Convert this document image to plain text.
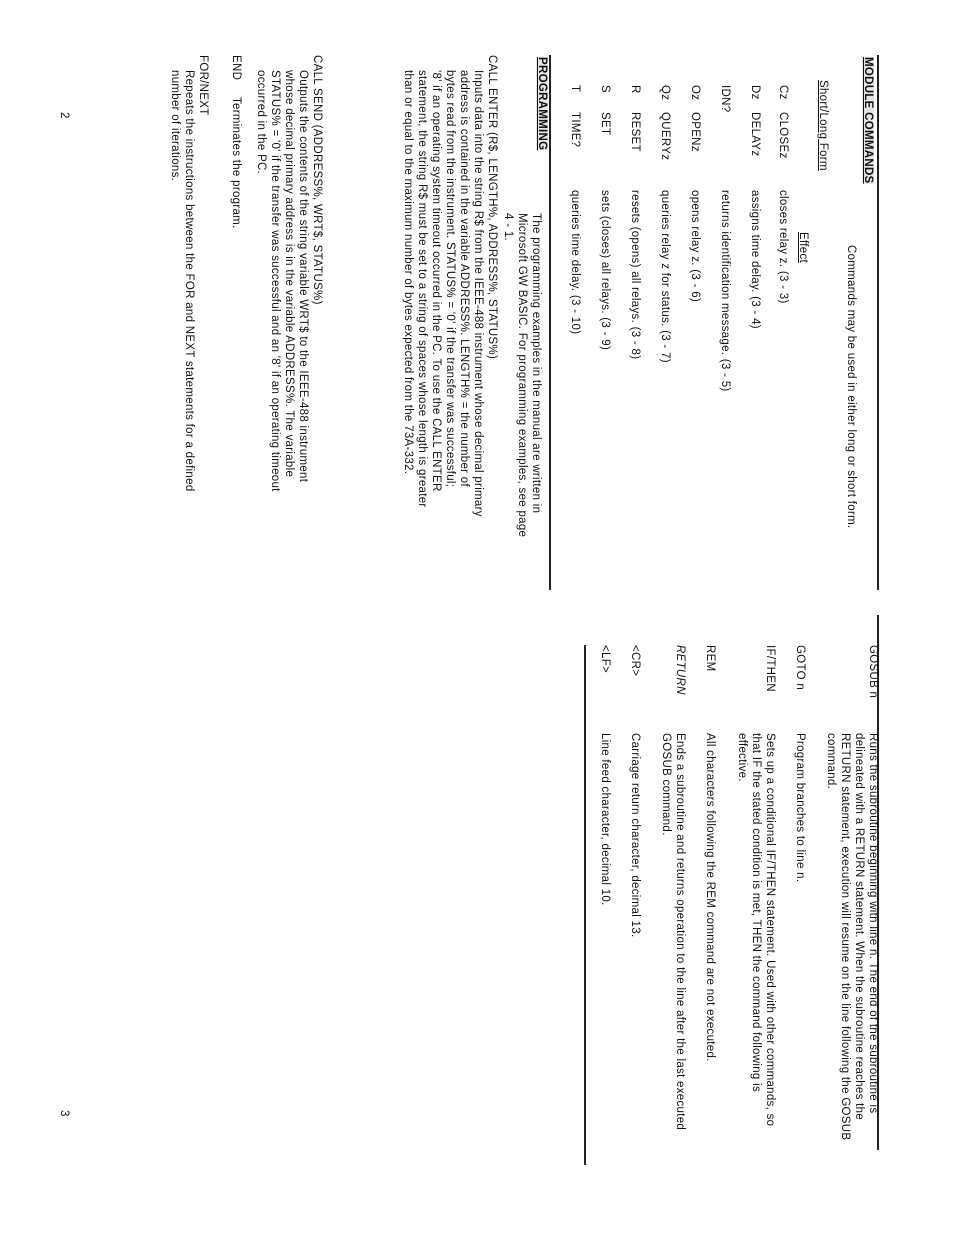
MODULE COMMANDS
Commands may be used in either long or short form.
Short/Long Form
Effect
Cz
CLOSEz
closes relay z. (3 - 3)
Dz
DELAYz
assigns time delay. (3 - 4)
IDN?
returns identification message. (3 - 5)
Oz
OPENz
opens relay z. (3 - 6)
Qz
QUERYz
queries relay z for status. (3 - 7)
R
RESET
resets (opens) all relays. (3 - 8)
S
SET
sets (closes) all relays. (3 - 9)
T
TIME?
queries time delay. (3 - 10)
PROGRAMMING
The programming examples in the manual are written in
Microsoft GW BASIC. For programming examples, see page
4 - 1.
CALL ENTER (R$, LENGTH%, ADDRESS%, STATUS%)
Inputs data into the string R$ from the IEEE-488 instrument whose decimal primary
address is contained in the variable ADDRESS%. LENGTH% = the number of
bytes read from the instrument. STATUS% = '0' if the transfer was successful;
'8' if an operating system timeout occurred in the PC. To use the CALL ENTER
statement, the string R$ must be set to a string of spaces whose length is greater
than or equal to the maximum number of bytes expected from the 73A-332.
CALL SEND (ADDRESS%, WRT$, STATUS%)
Outputs the contents of the string variable WRT$ to the IEEE-488 instrument
whose decimal primary address is in the variable ADDRESS%. The variable
STATUS% = '0' if the transfer was successful and an '8' if an operating timeout
occurred in the PC.
END
Terminates the program.
FOR/NEXT
Repeats the instructions between the FOR and NEXT statements for a defined
number of iterations.
2
GOSUB n
Runs the subroutine beginning with line n. The end of the subroutine is
delineated with a RETURN statement. When the subroutine reaches the
RETURN statement, execution will resume on the line following the GOSUB
command.
GOTO n
Program branches to line n.
IF/THEN
Sets up a conditional IF/THEN statement. Used with other commands, so
that IF the stated condition is met, THEN the command following is
effective.
REM
All characters following the REM command are not executed.
RETURN
Ends a subroutine and returns operation to the line after the last executed
GOSUB command.
<CR>
Carriage return character, decimal 13.
<LF>
Line feed character, decimal 10.
3
